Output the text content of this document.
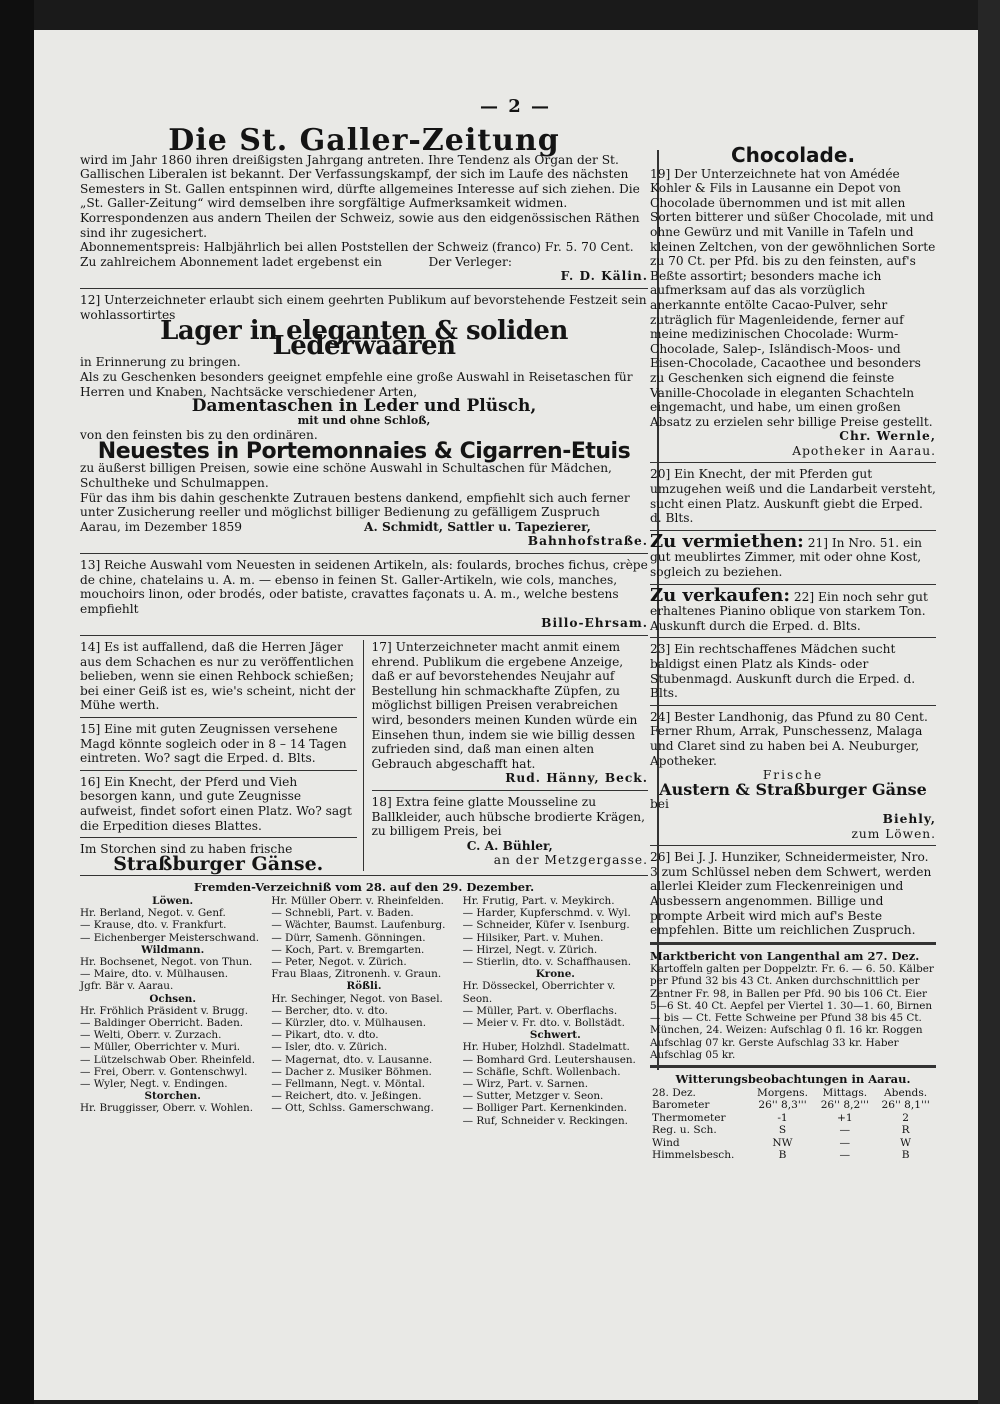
— 2 —
Die St. Galler-Zeitung

wird im Jahr 1860 ihren dreißigsten Jahrgang antreten. Ihre Tendenz als Organ der St. Gallischen Liberalen ist bekannt. Der Verfassungskampf, der sich im Laufe des nächsten Semesters in St. Gallen entspinnen wird, dürfte allgemeines Interesse auf sich ziehen. Die „St. Galler-Zeitung“ wird demselben ihre sorgfältige Aufmerksamkeit widmen. Korrespondenzen aus andern Theilen der Schweiz, sowie aus den eidgenössischen Räthen sind ihr zugesichert.

Abonnementspreis: Halbjährlich bei allen Poststellen der Schweiz (franco) Fr. 5. 70 Cent.

Zu zahlreichem Abonnement ladet ergebenst ein	Der Verleger:

F. D. Kälin.

12] Unterzeichneter erlaubt sich einem geehrten Publikum auf bevorstehende Festzeit sein wohlassortirtes

Lager in eleganten & soliden Lederwaaren

in Erinnerung zu bringen.

Als zu Geschenken besonders geeignet empfehle eine große Auswahl in Reisetaschen für Herren und Knaben, Nachtsäcke verschiedener Arten,

Damentaschen in Leder und Plüsch,
mit und ohne Schloß,

von den feinsten bis zu den ordinären.

Neuestes in Portemonnaies & Cigarren-Etuis

zu äußerst billigen Preisen, sowie eine schöne Auswahl in Schultaschen für Mädchen, Schultheke und Schulmappen.

Für das ihm bis dahin geschenkte Zutrauen bestens dankend, empfiehlt sich auch ferner unter Zusicherung reeller und möglichst billiger Bedienung zu gefälligem Zuspruch

Aarau, im Dezember 1859	A. Schmidt, Sattler u. Tapezierer,

Bahnhofstraße.

13] Reiche Auswahl vom Neuesten in seidenen Artikeln, als: foulards, broches fichus, crèpe de chine, chatelains u. A. m. — ebenso in feinen St. Galler-Artikeln, wie cols, manches, mouchoirs linon, oder brodés, oder batiste, cravattes façonats u. A. m., welche bestens empfiehlt

Billo-Ehrsam.

14] Es ist auffallend, daß die Herren Jäger aus dem Schachen es nur zu veröffentlichen belieben, wenn sie einen Rehbock schießen; bei einer Geiß ist es, wie's scheint, nicht der Mühe werth.

15] Eine mit guten Zeugnissen versehene Magd könnte sogleich oder in 8 – 14 Tagen eintreten. Wo? sagt die Erped. d. Blts.

16] Ein Knecht, der Pferd und Vieh besorgen kann, und gute Zeugnisse aufweist, findet sofort einen Platz. Wo? sagt die Erpedition dieses Blattes.

Im Storchen sind zu haben frische

Straßburger Gänse.

17] Unterzeichneter macht anmit einem ehrend. Publikum die ergebene Anzeige, daß er auf bevorstehendes Neujahr auf Bestellung hin schmackhafte Züpfen, zu möglichst billigen Preisen verabreichen wird, besonders meinen Kunden würde ein Einsehen thun, indem sie wie billig dessen zufrieden sind, daß man einen alten Gebrauch abgeschafft hat.

Rud. Hänny, Beck.

18] Extra feine glatte Mousseline zu Ballkleider, auch hübsche brodierte Krägen, zu billigem Preis, bei

C. A. Bühler,

an der Metzgergasse.

Fremden-Verzeichniß vom 28. auf den 29. Dezember.
Löwen.
Hr. Berland, Negot. v. Genf.
— Krause, dto. v. Frankfurt.
— Eichenberger Meisterschwand.
Wildmann.
Hr. Bochsenet, Negot. von Thun.
— Maire, dto. v. Mülhausen.
Jgfr. Bär v. Aarau.
Ochsen.
Hr. Fröhlich Präsident v. Brugg.
— Baldinger Oberricht. Baden.
— Welti, Oberr. v. Zurzach.
— Müller, Oberrichter v. Muri.
— Lützelschwab Ober. Rheinfeld.
— Frei, Oberr. v. Gontenschwyl.
— Wyler, Negt. v. Endingen.
Storchen.
Hr. Bruggisser, Oberr. v. Wohlen.
Hr. Müller Oberr. v. Rheinfelden.
— Schnebli, Part. v. Baden.
— Wächter, Baumst. Laufenburg.
— Dürr, Samenh. Gönningen.
— Koch, Part. v. Bremgarten.
— Peter, Negot. v. Zürich.
Frau Blaas, Zitronenh. v. Graun.
Rößli.
Hr. Sechinger, Negot. von Basel.
— Bercher, dto. v. dto.
— Kürzler, dto. v. Mülhausen.
— Pikart, dto. v. dto.
— Isler, dto. v. Zürich.
— Magernat, dto. v. Lausanne.
— Dacher z. Musiker Böhmen.
— Fellmann, Negt. v. Möntal.
— Reichert, dto. v. Jeßingen.
— Ott, Schlss. Gamerschwang.
Hr. Frutig, Part. v. Meykirch.
— Harder, Kupferschmd. v. Wyl.
— Schneider, Küfer v. Isenburg.
— Hilsiker, Part. v. Muhen.
— Hirzel, Negt. v. Zürich.
— Stierlin, dto. v. Schaffhausen.
Krone.
Hr. Dösseckel, Oberrichter v. Seon.
— Müller, Part. v. Oberflachs.
— Meier v. Fr. dto. v. Bollstädt.
Schwert.
Hr. Huber, Holzhdl. Stadelmatt.
— Bomhard Grd. Leutershausen.
— Schäfle, Schft. Wollenbach.
— Wirz, Part. v. Sarnen.
— Sutter, Metzger v. Seon.
— Bolliger Part. Kernenkinden.
— Ruf, Schneider v. Reckingen.
Chocolade.

19] Der Unterzeichnete hat von Amédée Kohler & Fils in Lausanne ein Depot von Chocolade übernommen und ist mit allen Sorten bitterer und süßer Chocolade, mit und ohne Gewürz und mit Vanille in Tafeln und kleinen Zeltchen, von der gewöhnlichen Sorte zu 70 Ct. per Pfd. bis zu den feinsten, auf's Beßte assortirt; besonders mache ich aufmerksam auf das als vorzüglich anerkannte entölte Cacao-Pulver, sehr zuträglich für Magenleidende, ferner auf meine medizinischen Chocolade: Wurm-Chocolade, Salep-, Isländisch-Moos- und Eisen-Chocolade, Cacaothee und besonders zu Geschenken sich eignend die feinste Vanille-Chocolade in eleganten Schachteln eingemacht, und habe, um einen großen Absatz zu erzielen sehr billige Preise gestellt.

Chr. Wernle,

Apotheker in Aarau.

20] Ein Knecht, der mit Pferden gut umzugehen weiß und die Landarbeit versteht, sucht einen Platz. Auskunft giebt die Erped. d. Blts.

Zu vermiethen: 21] In Nro. 51. ein gut meublirtes Zimmer, mit oder ohne Kost, sogleich zu beziehen.

Zu verkaufen: 22] Ein noch sehr gut erhaltenes Pianino oblique von starkem Ton. Auskunft durch die Erped. d. Blts.

23] Ein rechtschaffenes Mädchen sucht baldigst einen Platz als Kinds- oder Stubenmagd. Auskunft durch die Erped. d. Blts.

24] Bester Landhonig, das Pfund zu 80 Cent. Ferner Rhum, Arrak, Punschessenz, Malaga und Claret sind zu haben bei A. Neuburger, Apotheker.

Frische

Austern & Straßburger Gänse

bei

Biehly,

zum Löwen.

26] Bei J. J. Hunziker, Schneidermeister, Nro. 3 zum Schlüssel neben dem Schwert, werden allerlei Kleider zum Fleckenreinigen und Ausbessern angenommen. Billige und prompte Arbeit wird mich auf's Beste empfehlen. Bitte um reichlichen Zuspruch.

Marktbericht von Langenthal am 27. Dez.

Kartoffeln galten per Doppelztr. Fr. 6. — 6. 50. Kälber per Pfund 32 bis 43 Ct. Anken durchschnittlich per Zentner Fr. 98, in Ballen per Pfd. 90 bis 106 Ct. Eier 5—6 St. 40 Ct. Aepfel per Viertel 1. 30—1. 60, Birnen — bis — Ct. Fette Schweine per Pfund 38 bis 45 Ct.

München, 24. Weizen: Aufschlag 0 fl. 16 kr. Roggen Aufschlag 07 kr. Gerste Aufschlag 33 kr. Haber Aufschlag 05 kr.

Witterungsbeobachtungen in Aarau.

28. Dez.	Morgens.	Mittags.	Abends.
Barometer	26'' 8,3'''	26'' 8,2'''	26'' 8,1'''
Thermometer	-1	+1	2
Reg. u. Sch.	S	—	R
Wind	NW	—	W
Himmelsbesch.	B	—	B
